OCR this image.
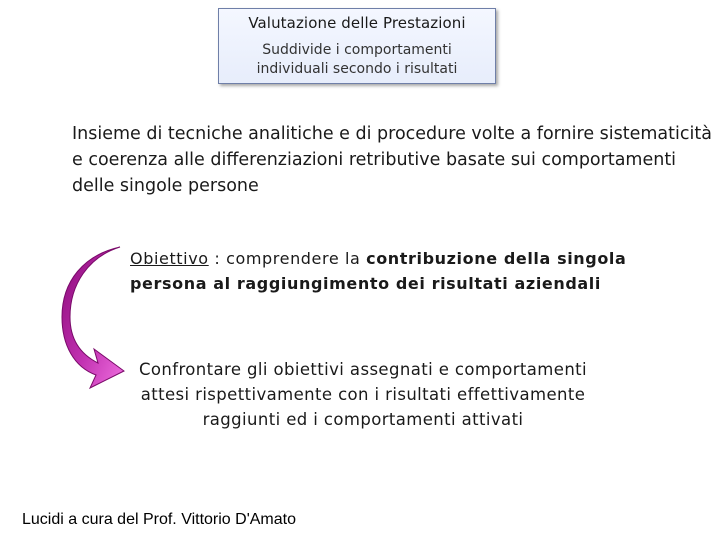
Valutazione delle Prestazioni
Suddivide i comportamenti individuali secondo i risultati

Insieme di tecniche analitiche e di procedure volte a fornire sistematicità e coerenza alle differenziazioni retributive basate sui comportamenti delle singole persone

Obiettivo : comprendere la contribuzione della singola persona al raggiungimento dei risultati aziendali

Confrontare gli obiettivi assegnati e comportamenti attesi rispettivamente con i risultati effettivamente raggiunti ed i comportamenti attivati

Lucidi a cura del Prof. Vittorio D'Amato
